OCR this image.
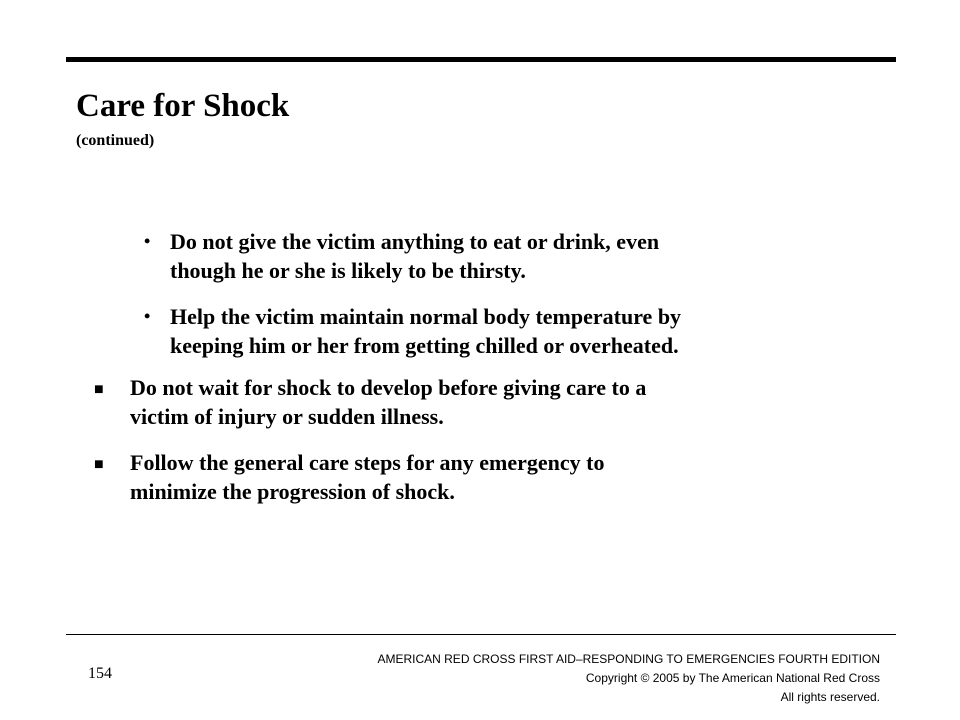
Care for Shock
(continued)
• Do not give the victim anything to eat or drink, even
though he or she is likely to be thirsty.
• Help the victim maintain normal body temperature by
keeping him or her from getting chilled or overheated.
■ Do not wait for shock to develop before giving care to a
victim of injury or sudden illness.
■ Follow the general care steps for any emergency to
minimize the progression of shock.
154
AMERICAN RED CROSS FIRST AID–RESPONDING TO EMERGENCIES FOURTH EDITION
Copyright © 2005 by The American National Red Cross
All rights reserved.
